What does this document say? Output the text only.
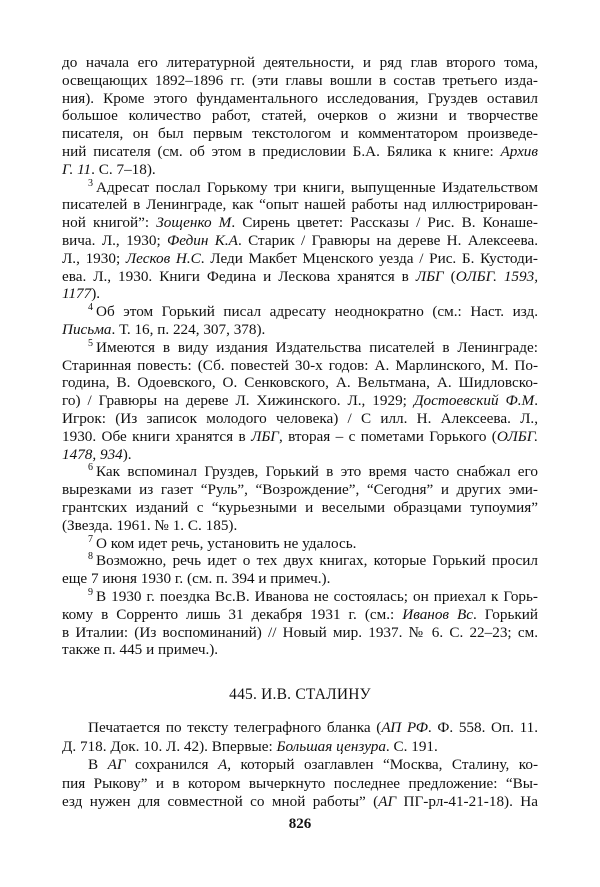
до начала его литературной деятельности, и ряд глав второго тома,
освещающих 1892–1896 гг. (эти главы вошли в состав третьего изда-
ния). Кроме этого фундаментального исследования, Груздев оставил
большое количество работ, статей, очерков о жизни и творчестве
писателя, он был первым текстологом и комментатором произведе-
ний писателя (см. об этом в предисловии Б.А. Бялика к книге: Архив
Г. 11. С. 7–18).
$^3$ Адресат послал Горькому три книги, выпущенные Издательством
писателей в Ленинграде, как “опыт нашей работы над иллюстрирован-
ной книгой”: Зощенко М. Сирень цветет: Рассказы / Рис. В. Конаше-
вича. Л., 1930; Федин К.А. Старик / Гравюры на дереве Н. Алексеева.
Л., 1930; Лесков Н.С. Леди Макбет Мценского уезда / Рис. Б. Кустоди-
ева. Л., 1930. Книги Федина и Лескова хранятся в ЛБГ (ОЛБГ. 1593,
1177).
$^4$ Об этом Горький писал адресату неоднократно (см.: Наст. изд.
Письма. Т. 16, п. 224, 307, 378).
$^5$ Имеются в виду издания Издательства писателей в Ленинграде:
Старинная повесть: (Сб. повестей 30-х годов: А. Марлинского, М. По-
година, В. Одоевского, О. Сенковского, А. Вельтмана, А. Шидловско-
го) / Гравюры на дереве Л. Хижинского. Л., 1929; Достоевский Ф.М.
Игрок: (Из записок молодого человека) / С илл. Н. Алексеева. Л.,
1930. Обе книги хранятся в ЛБГ, вторая – с пометами Горького (ОЛБГ.
1478, 934).
$^6$ Как вспоминал Груздев, Горький в это время часто снабжал его
вырезками из газет “Руль”, “Возрождение”, “Сегодня” и других эми-
грантских изданий с “курьезными и веселыми образцами тупоумия”
(Звезда. 1961. № 1. С. 185).
$^7$ О ком идет речь, установить не удалось.
$^8$ Возможно, речь идет о тех двух книгах, которые Горький просил
еще 7 июня 1930 г. (см. п. 394 и примеч.).
$^9$ В 1930 г. поездка Вс.В. Иванова не состоялась; он приехал к Горь-
кому в Сорренто лишь 31 декабря 1931 г. (см.: Иванов Вс. Горький
в Италии: (Из воспоминаний) // Новый мир. 1937. № 6. С. 22–23; см.
также п. 445 и примеч.).
445. И.В. СТАЛИНУ
Печатается по тексту телеграфного бланка (АП РФ. Ф. 558. Оп. 11.
Д. 718. Док. 10. Л. 42). Впервые: Большая цензура. С. 191.
В АГ сохранился А, который озаглавлен “Москва, Сталину, ко-
пия Рыкову” и в котором вычеркнуто последнее предложение: “Вы-
езд нужен для совместной со мной работы” (АГ ПГ-рл-41-21-18). На
826
